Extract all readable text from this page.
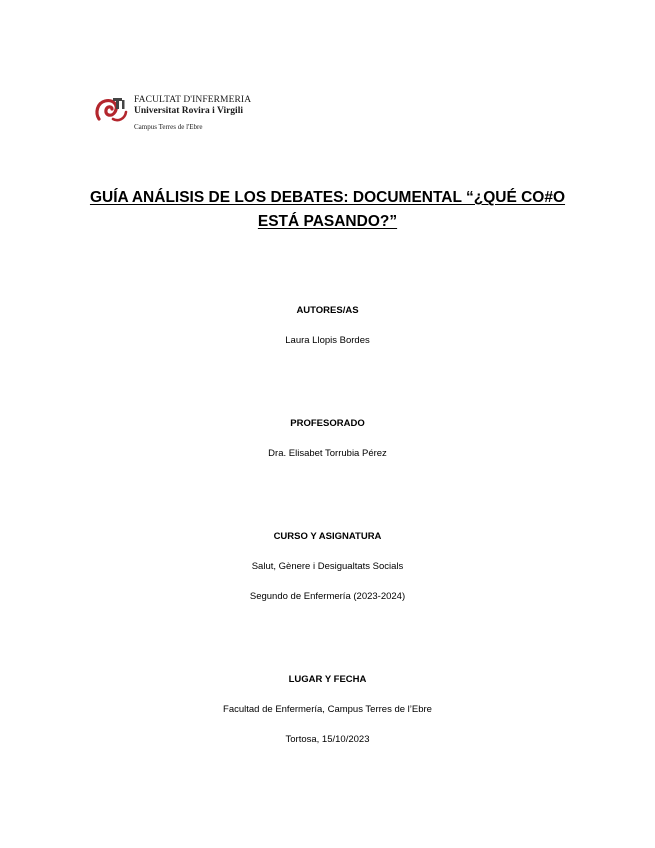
FACULTAT D'INFERMERIA
Universitat Rovira i Virgili
Campus Terres de l'Ebre
GUÍA ANÁLISIS DE LOS DEBATES: DOCUMENTAL “¿QUÉ CO#O
ESTÁ PASANDO?”
AUTORES/AS
Laura Llopis Bordes
PROFESORADO
Dra. Elisabet Torrubia Pérez
CURSO Y ASIGNATURA
Salut, Gènere i Desigualtats Socials
Segundo de Enfermería (2023-2024)
LUGAR Y FECHA
Facultad de Enfermería, Campus Terres de l’Ebre
Tortosa, 15/10/2023
